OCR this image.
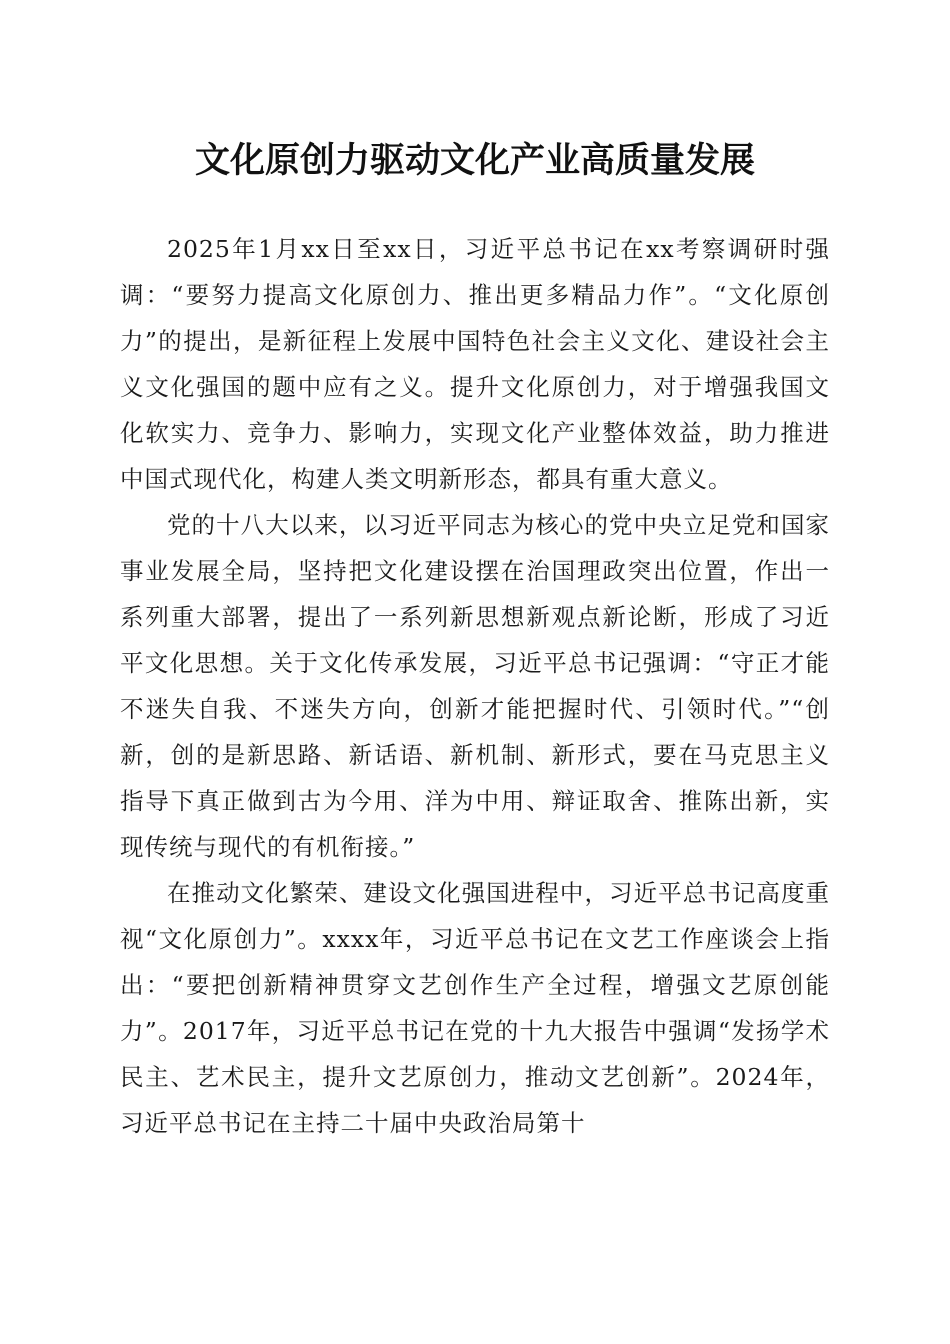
文化原创力驱动文化产业高质量发展

2025年1月xx日至xx日，习近平总书记在xx考察调研时强调：“要努力提高文化原创力、推出更多精品力作”。“文化原创力”的提出，是新征程上发展中国特色社会主义文化、建设社会主义文化强国的题中应有之义。提升文化原创力，对于增强我国文化软实力、竞争力、影响力，实现文化产业整体效益，助力推进中国式现代化，构建人类文明新形态，都具有重大意义。

党的十八大以来，以习近平同志为核心的党中央立足党和国家事业发展全局，坚持把文化建设摆在治国理政突出位置，作出一系列重大部署，提出了一系列新思想新观点新论断，形成了习近平文化思想。关于文化传承发展，习近平总书记强调：“守正才能不迷失自我、不迷失方向，创新才能把握时代、引领时代。”“创新，创的是新思路、新话语、新机制、新形式，要在马克思主义指导下真正做到古为今用、洋为中用、辩证取舍、推陈出新，实现传统与现代的有机衔接。”

在推动文化繁荣、建设文化强国进程中，习近平总书记高度重视“文化原创力”。xxxx年，习近平总书记在文艺工作座谈会上指出：“要把创新精神贯穿文艺创作生产全过程，增强文艺原创能力”。2017年，习近平总书记在党的十九大报告中强调“发扬学术民主、艺术民主，提升文艺原创力，推动文艺创新”。2024年，习近平总书记在主持二十届中央政治局第十
